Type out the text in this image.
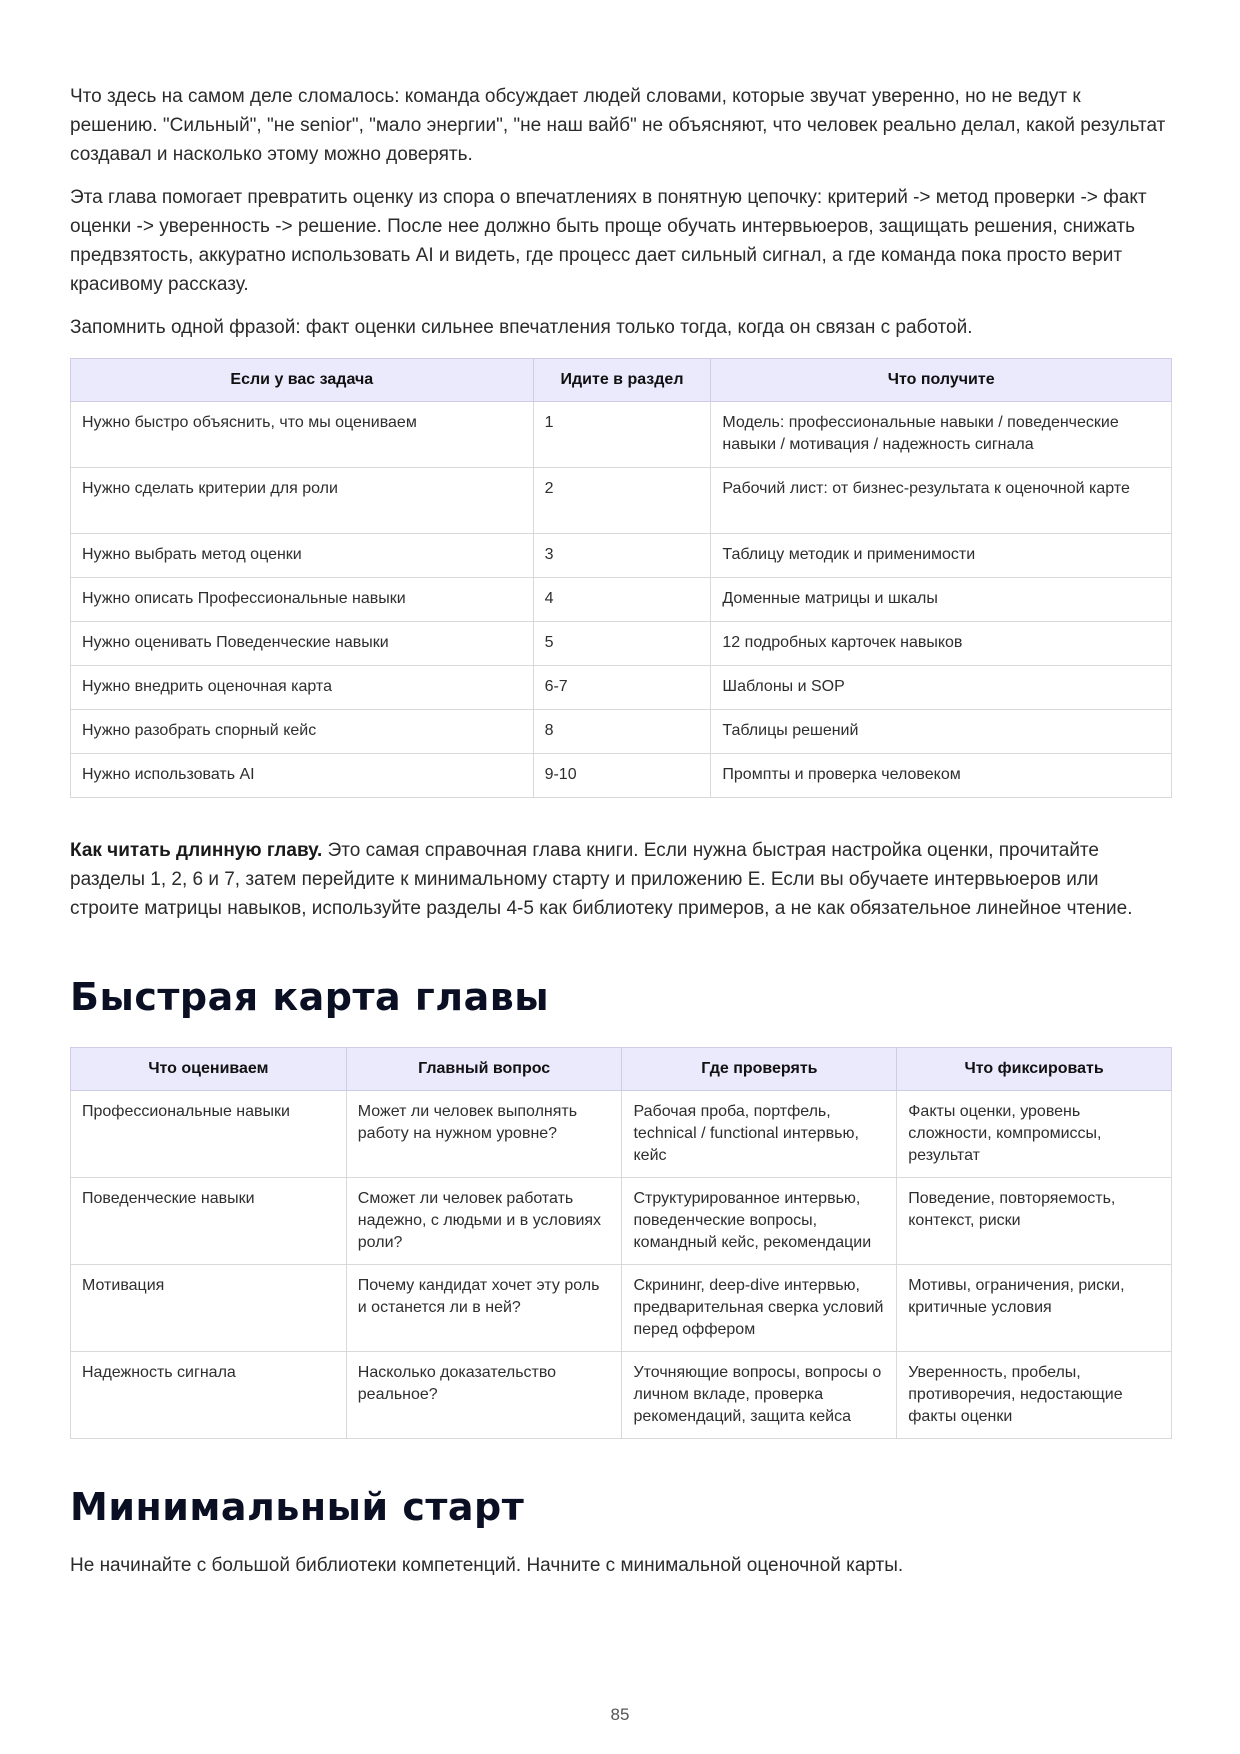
Что здесь на самом деле сломалось: команда обсуждает людей словами, которые звучат уверенно, но не ведут к решению. "Сильный", "не senior", "мало энергии", "не наш вайб" не объясняют, что человек реально делал, какой результат создавал и насколько этому можно доверять.

Эта глава помогает превратить оценку из спора о впечатлениях в понятную цепочку: критерий -> метод проверки -> факт оценки -> уверенность -> решение. После нее должно быть проще обучать интервьюеров, защищать решения, снижать предвзятость, аккуратно использовать AI и видеть, где процесс дает сильный сигнал, а где команда пока просто верит красивому рассказу.

Запомнить одной фразой: факт оценки сильнее впечатления только тогда, когда он связан с работой.

Если у вас задача	Идите в раздел	Что получите
Нужно быстро объяснить, что мы оцениваем	1	Модель: профессиональные навыки / поведенческие навыки / мотивация / надежность сигнала
Нужно сделать критерии для роли	2	Рабочий лист: от бизнес-результата к оценочной карте
Нужно выбрать метод оценки	3	Таблицу методик и применимости
Нужно описать Профессиональные навыки	4	Доменные матрицы и шкалы
Нужно оценивать Поведенческие навыки	5	12 подробных карточек навыков
Нужно внедрить оценочная карта	6-7	Шаблоны и SOP
Нужно разобрать спорный кейс	8	Таблицы решений
Нужно использовать AI	9-10	Промпты и проверка человеком

Как читать длинную главу. Это самая справочная глава книги. Если нужна быстрая настройка оценки, прочитайте разделы 1, 2, 6 и 7, затем перейдите к минимальному старту и приложению E. Если вы обучаете интервьюеров или строите матрицы навыков, используйте разделы 4-5 как библиотеку примеров, а не как обязательное линейное чтение.

Быстрая карта главы
Что оцениваем	Главный вопрос	Где проверять	Что фиксировать
Профессиональные навыки	Может ли человек выполнять работу на нужном уровне?	Рабочая проба, портфель, technical / functional интервью, кейс	Факты оценки, уровень сложности, компромиссы, результат
Поведенческие навыки	Сможет ли человек работать надежно, с людьми и в условиях роли?	Структурированное интервью, поведенческие вопросы, командный кейс, рекомендации	Поведение, повторяемость, контекст, риски
Мотивация	Почему кандидат хочет эту роль и останется ли в ней?	Скрининг, deep-dive интервью, предварительная сверка условий перед оффером	Мотивы, ограничения, риски, критичные условия
Надежность сигнала	Насколько доказательство реальное?	Уточняющие вопросы, вопросы о личном вкладе, проверка рекомендаций, защита кейса	Уверенность, пробелы, противоречия, недостающие факты оценки
Минимальный старт

Не начинайте с большой библиотеки компетенций. Начните с минимальной оценочной карты.

85
